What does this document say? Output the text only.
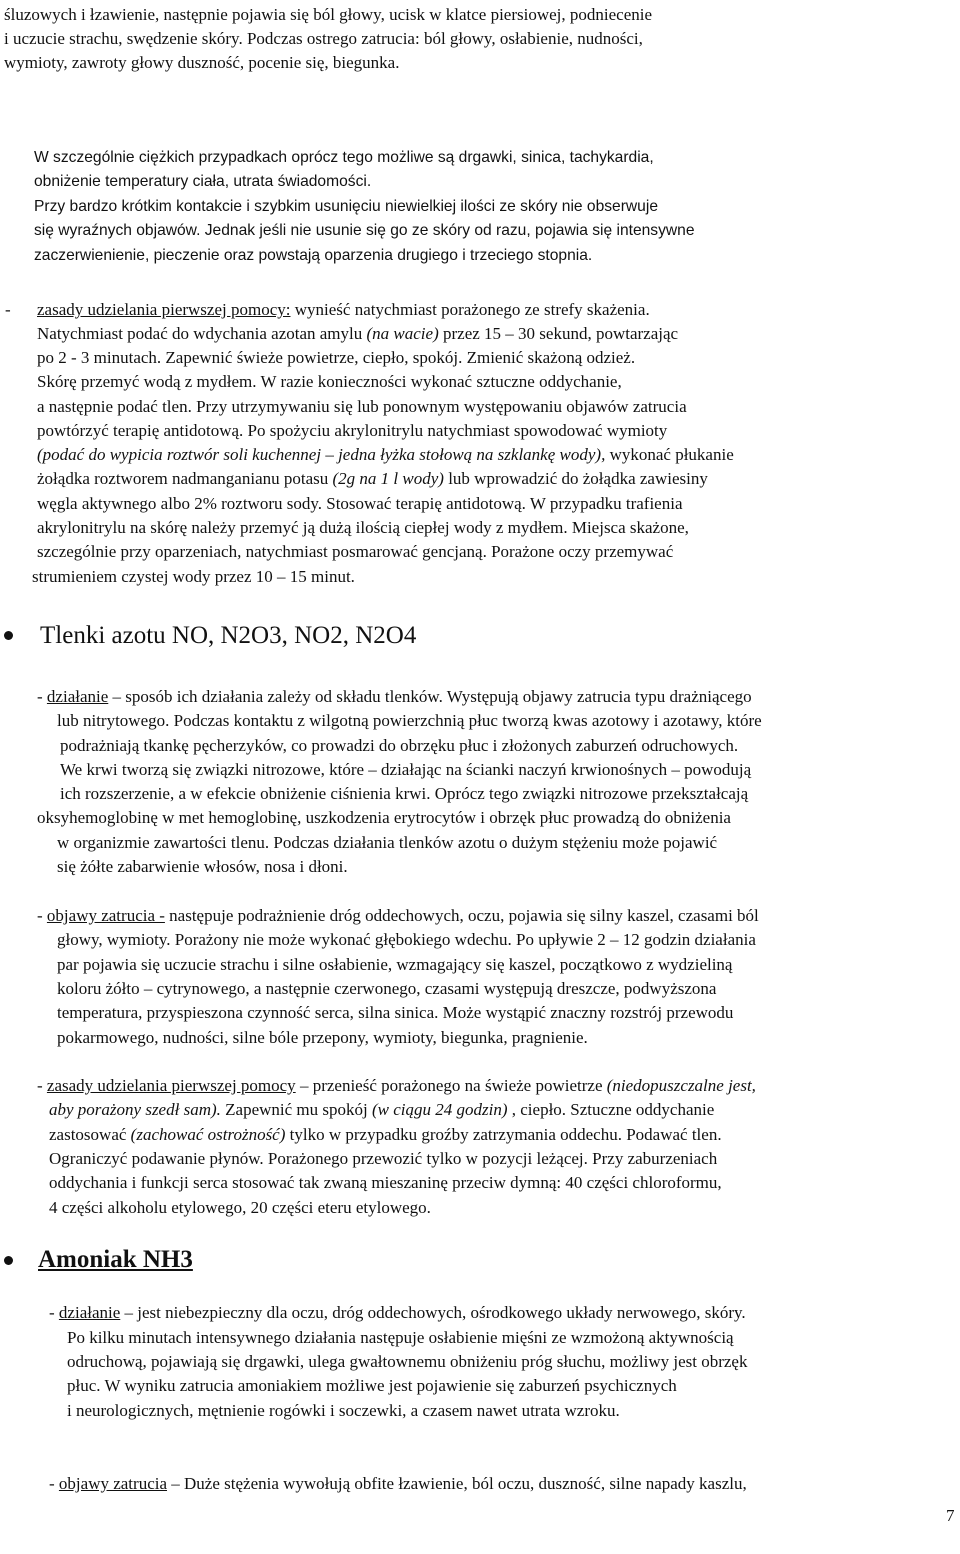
śluzowych i łzawienie, następnie pojawia się ból głowy, ucisk w klatce piersiowej, podniecenie
i uczucie strachu, swędzenie skóry. Podczas ostrego zatrucia: ból głowy, osłabienie, nudności,
wymioty, zawroty głowy duszność, pocenie się, biegunka.
W szczególnie ciężkich przypadkach oprócz tego możliwe są drgawki, sinica, tachykardia,
obniżenie temperatury ciała, utrata świadomości.
Przy bardzo krótkim kontakcie i szybkim usunięciu niewielkiej ilości ze skóry nie obserwuje
się wyraźnych objawów. Jednak jeśli nie usunie się go ze skóry od razu, pojawia się intensywne
zaczerwienienie, pieczenie oraz powstają oparzenia drugiego i trzeciego stopnia.
- zasady udzielania pierwszej pomocy: wynieść natychmiast porażonego ze strefy skażenia.
Natychmiast podać do wdychania azotan amylu (na wacie) przez 15 – 30 sekund, powtarzając
po 2 - 3 minutach. Zapewnić świeże powietrze, ciepło, spokój. Zmienić skażoną odzież.
Skórę przemyć wodą z mydłem. W razie konieczności wykonać sztuczne oddychanie,
a następnie podać tlen. Przy utrzymywaniu się lub ponownym występowaniu objawów zatrucia
powtórzyć terapię antidotową. Po spożyciu akrylonitrylu natychmiast spowodować wymioty
(podać do wypicia roztwór soli kuchennej – jedna łyżka stołową na szklankę wody), wykonać płukanie
żołądka roztworem nadmanganianu potasu (2g na 1 l wody) lub wprowadzić do żołądka zawiesiny
węgla aktywnego albo 2% roztworu sody. Stosować terapię antidotową. W przypadku trafienia
akrylonitrylu na skórę należy przemyć ją dużą ilością ciepłej wody z mydłem. Miejsca skażone,
szczególnie przy oparzeniach, natychmiast posmarować gencjaną. Porażone oczy przemywać
strumieniem czystej wody przez 10 – 15 minut.
Tlenki azotu NO, N2O3, NO2, N2O4
- działanie – sposób ich działania zależy od składu tlenków. Występują objawy zatrucia typu drażniącego
lub nitrytowego. Podczas kontaktu z wilgotną powierzchnią płuc tworzą kwas azotowy i azotawy, które
podrażniają tkankę pęcherzyków, co prowadzi do obrzęku płuc i złożonych zaburzeń odruchowych.
We krwi tworzą się związki nitrozowe, które – działając na ścianki naczyń krwionośnych – powodują
ich rozszerzenie, a w efekcie obniżenie ciśnienia krwi. Oprócz tego związki nitrozowe przekształcają
oksyhemoglobinę w met hemoglobinę, uszkodzenia erytrocytów i obrzęk płuc prowadzą do obniżenia
w organizmie zawartości tlenu. Podczas działania tlenków azotu o dużym stężeniu może pojawić
się żółte zabarwienie włosów, nosa i dłoni.
- objawy zatrucia - następuje podrażnienie dróg oddechowych, oczu, pojawia się silny kaszel, czasami ból
głowy, wymioty. Porażony nie może wykonać głębokiego wdechu. Po upływie 2 – 12 godzin działania
par pojawia się uczucie strachu i silne osłabienie, wzmagający się kaszel, początkowo z wydzieliną
koloru żółto – cytrynowego, a następnie czerwonego, czasami występują dreszcze, podwyższona
temperatura, przyspieszona czynność serca, silna sinica. Może wystąpić znaczny rozstrój przewodu
pokarmowego, nudności, silne bóle przepony, wymioty, biegunka, pragnienie.
- zasady udzielania pierwszej pomocy – przenieść porażonego na świeże powietrze (niedopuszczalne jest,
aby porażony szedł sam). Zapewnić mu spokój (w ciągu 24 godzin) , ciepło. Sztuczne oddychanie
zastosować (zachować ostrożność) tylko w przypadku groźby zatrzymania oddechu. Podawać tlen.
Ograniczyć podawanie płynów. Porażonego przewozić tylko w pozycji leżącej. Przy zaburzeniach
oddychania i funkcji serca stosować tak zwaną mieszaninę przeciw dymną: 40 części chloroformu,
4 części alkoholu etylowego, 20 części eteru etylowego.
Amoniak NH3
- działanie – jest niebezpieczny dla oczu, dróg oddechowych, ośrodkowego układy nerwowego, skóry.
Po kilku minutach intensywnego działania następuje osłabienie mięśni ze wzmożoną aktywnością
odruchową, pojawiają się drgawki, ulega gwałtownemu obniżeniu próg słuchu, możliwy jest obrzęk
płuc. W wyniku zatrucia amoniakiem możliwe jest pojawienie się zaburzeń psychicznych
i neurologicznych, mętnienie rogówki i soczewki, a czasem nawet utrata wzroku.
- objawy zatrucia – Duże stężenia wywołują obfite łzawienie, ból oczu, duszność, silne napady kaszlu,
7
